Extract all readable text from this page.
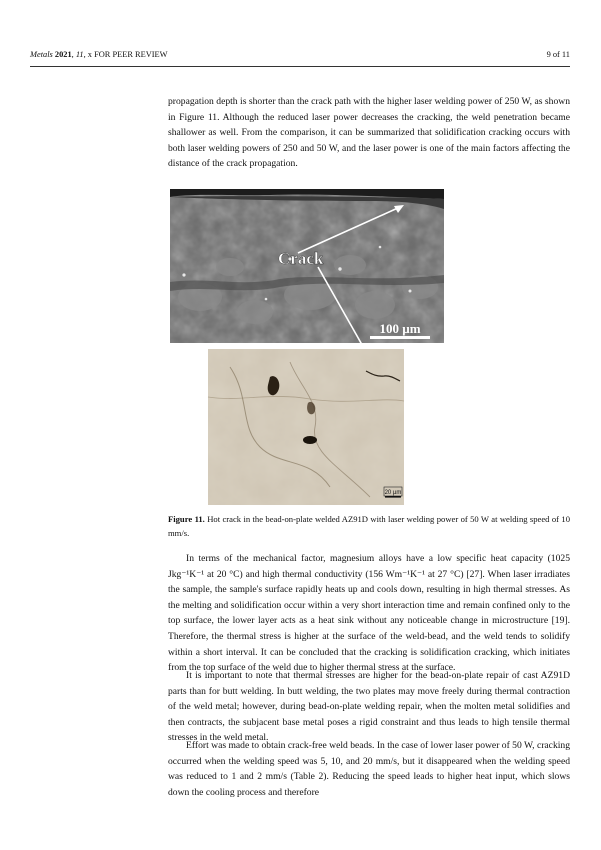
Metals 2021, 11, x FOR PEER REVIEW	9 of 11

propagation depth is shorter than the crack path with the higher laser welding power of 250 W, as shown in Figure 11. Although the reduced laser power decreases the cracking, the weld penetration became shallower as well. From the comparison, it can be summarized that solidification cracking occurs with both laser welding powers of 250 and 50 W, and the laser power is one of the main factors affecting the distance of the crack propagation.

Crack
100 µm
20 µm

Figure 11. Hot crack in the bead-on-plate welded AZ91D with laser welding power of 50 W at welding speed of 10 mm/s.

In terms of the mechanical factor, magnesium alloys have a low specific heat capacity (1025 Jkg⁻¹K⁻¹ at 20 °C) and high thermal conductivity (156 Wm⁻¹K⁻¹ at 27 °C) [27]. When laser irradiates the sample, the sample's surface rapidly heats up and cools down, resulting in high thermal stresses. As the melting and solidification occur within a very short interaction time and remain confined only to the top surface, the lower layer acts as a heat sink without any noticeable change in microstructure [19]. Therefore, the thermal stress is higher at the surface of the weld-bead, and the weld tends to solidify within a short interval. It can be concluded that the cracking is solidification cracking, which initiates from the top surface of the weld due to higher thermal stress at the surface.

It is important to note that thermal stresses are higher for the bead-on-plate repair of cast AZ91D parts than for butt welding. In butt welding, the two plates may move freely during thermal contraction of the weld metal; however, during bead-on-plate welding repair, when the molten metal solidifies and then contracts, the subjacent base metal poses a rigid constraint and thus leads to high tensile thermal stresses in the weld metal.

Effort was made to obtain crack-free weld beads. In the case of lower laser power of 50 W, cracking occurred when the welding speed was 5, 10, and 20 mm/s, but it disappeared when the welding speed was reduced to 1 and 2 mm/s (Table 2). Reducing the speed leads to higher heat input, which slows down the cooling process and therefore
